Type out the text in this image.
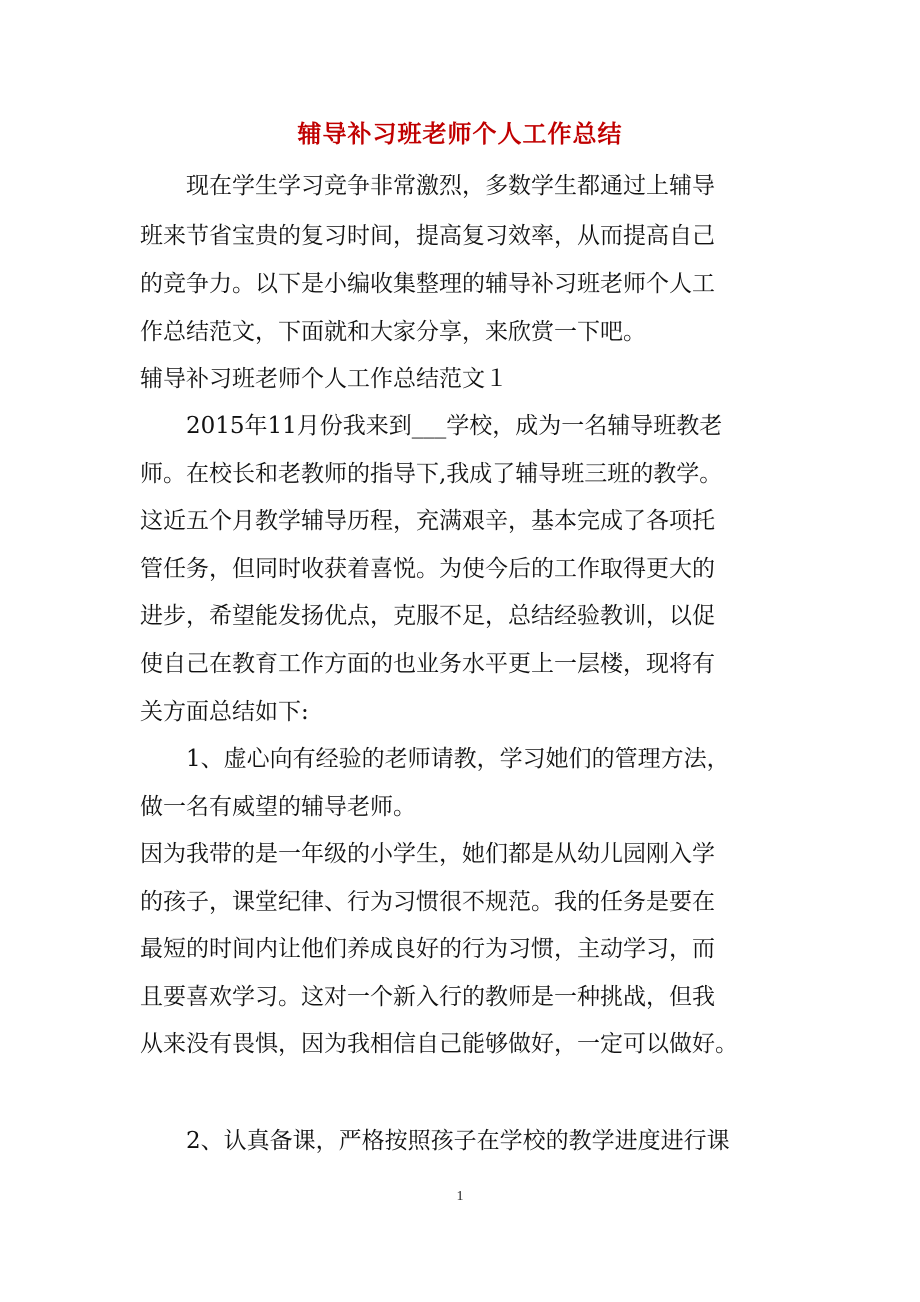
辅导补习班老师个人工作总结
现在学生学习竞争非常激烈，多数学生都通过上辅导
班来节省宝贵的复习时间，提高复习效率，从而提高自己
的竞争力。以下是小编收集整理的辅导补习班老师个人工
作总结范文，下面就和大家分享，来欣赏一下吧。
辅导补习班老师个人工作总结范文１
2015年11月份我来到___学校，成为一名辅导班教老
师。在校长和老教师的指导下,我成了辅导班三班的教学。
这近五个月教学辅导历程，充满艰辛，基本完成了各项托
管任务，但同时收获着喜悦。为使今后的工作取得更大的
进步，希望能发扬优点，克服不足，总结经验教训，以促
使自己在教育工作方面的也业务水平更上一层楼，现将有
关方面总结如下:
1、虚心向有经验的老师请教，学习她们的管理方法，
做一名有威望的辅导老师。
因为我带的是一年级的小学生，她们都是从幼儿园刚入学
的孩子，课堂纪律、行为习惯很不规范。我的任务是要在
最短的时间内让他们养成良好的行为习惯，主动学习，而
且要喜欢学习。这对一个新入行的教师是一种挑战，但我
从来没有畏惧，因为我相信自己能够做好，一定可以做好。
2、认真备课，严格按照孩子在学校的教学进度进行课
1
